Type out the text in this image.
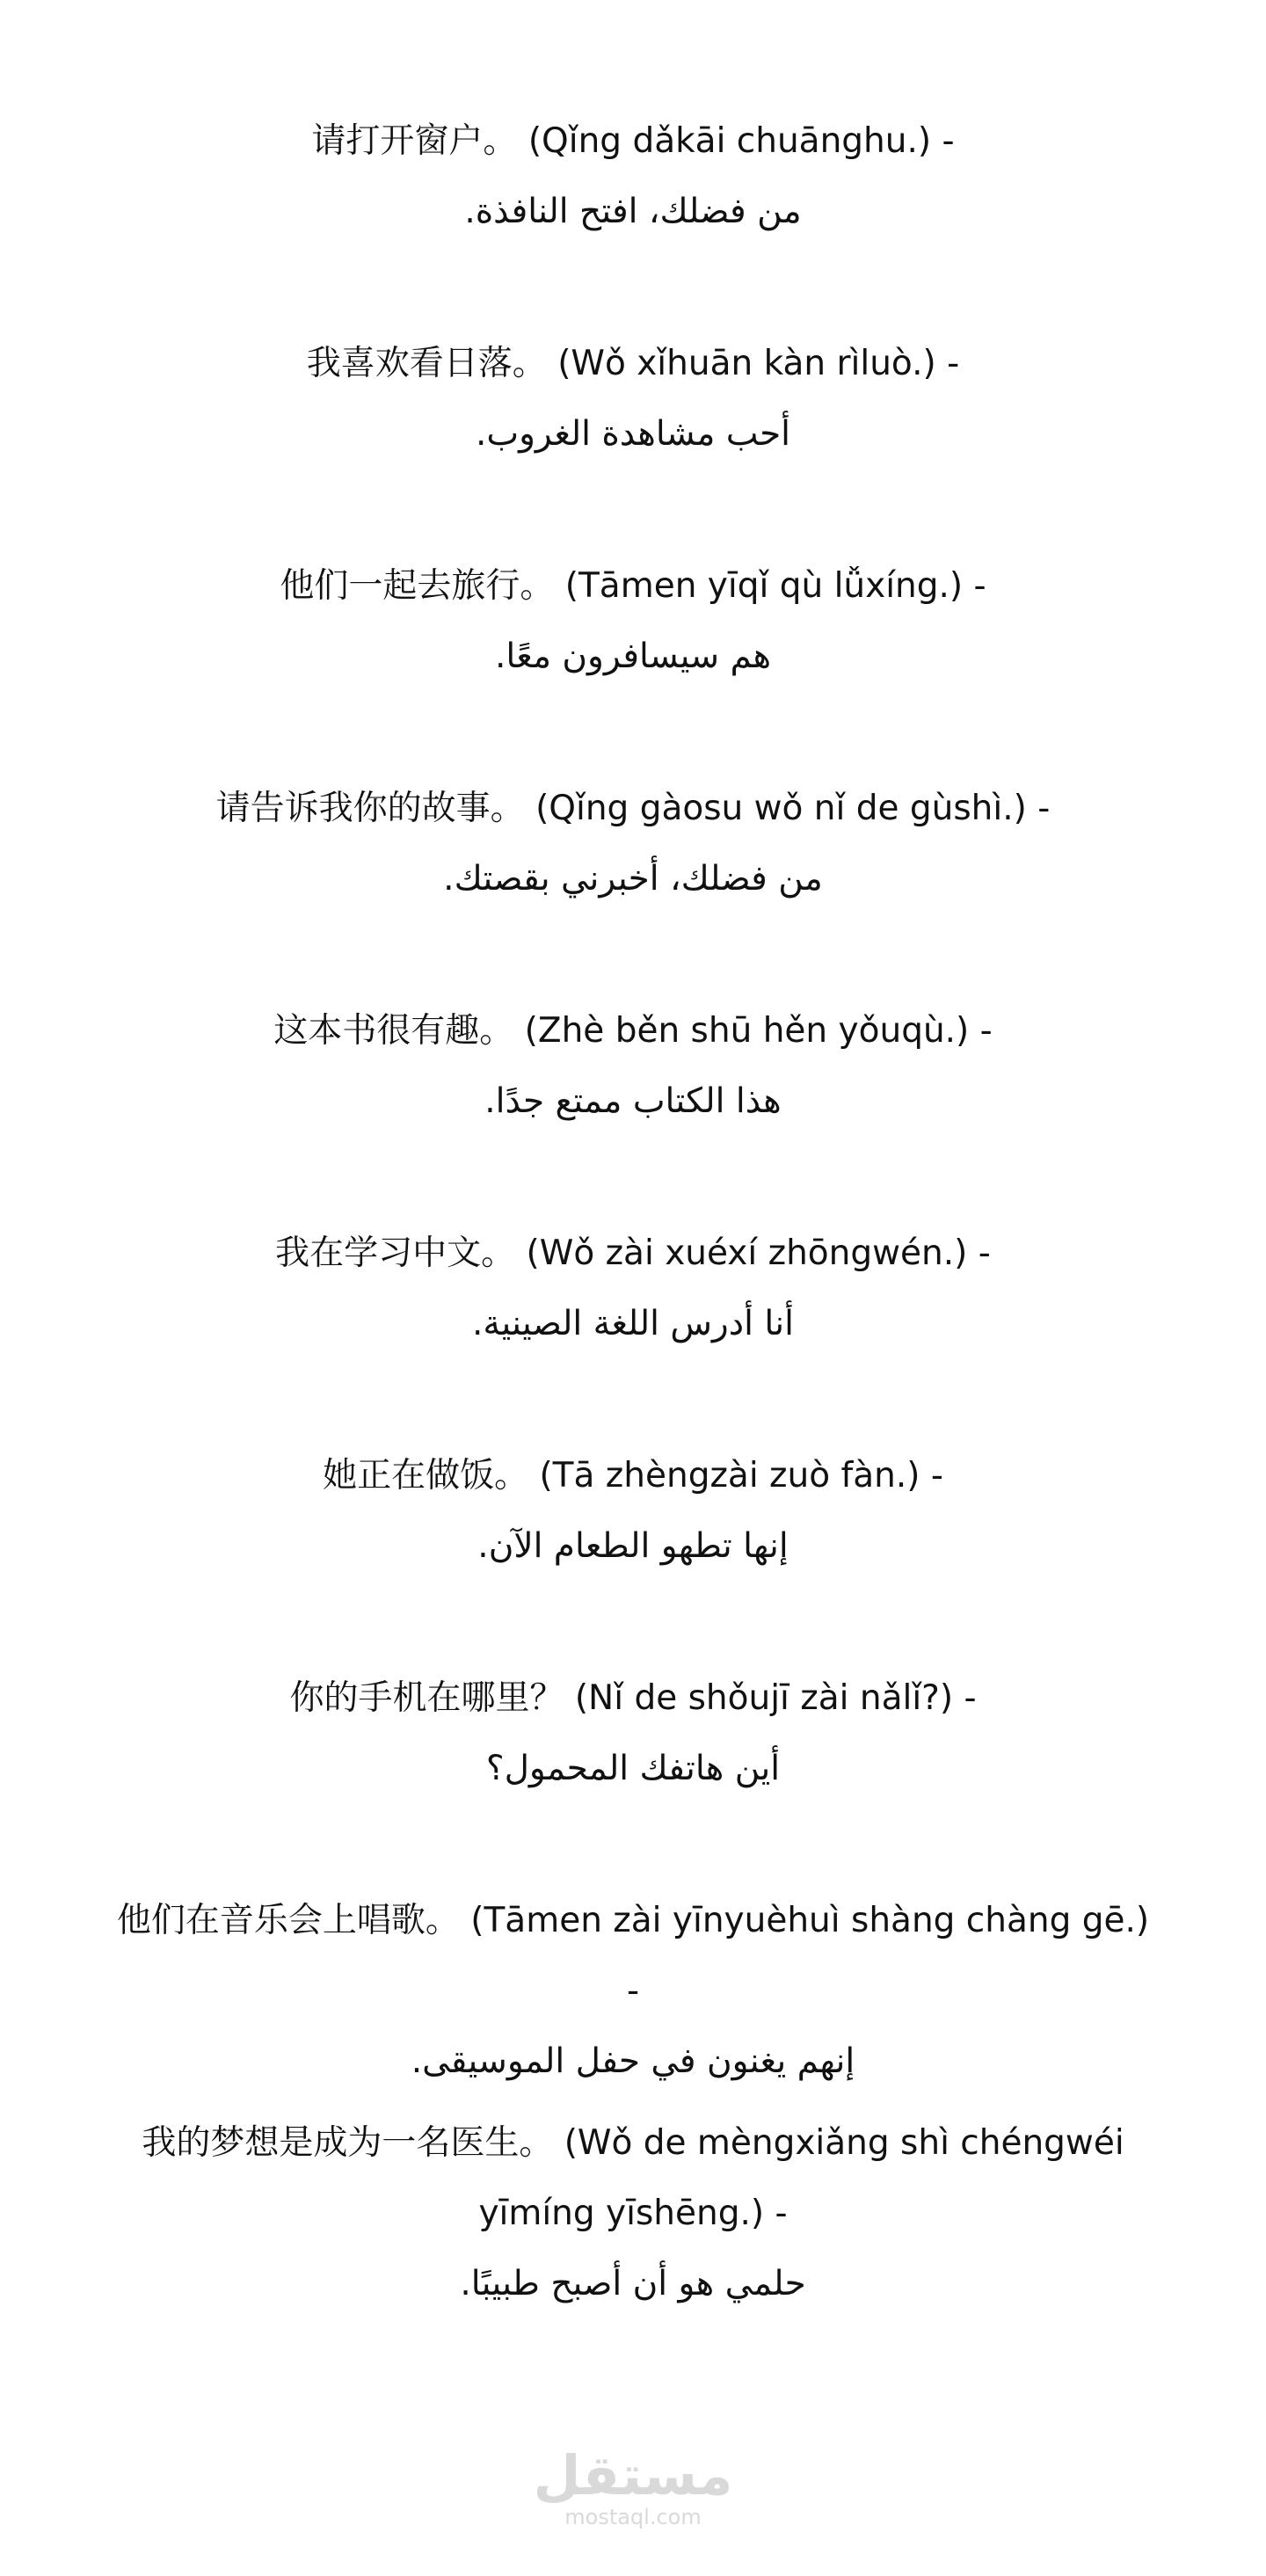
请打开窗户。 (Qǐng dǎkāi chuānghu.) -
من فضلك، افتح النافذة.
我喜欢看日落。 (Wǒ xǐhuān kàn rìluò.) -
أحب مشاهدة الغروب.
他们一起去旅行。 (Tāmen yīqǐ qù lǚxíng.) -
هم سيسافرون معًا.
请告诉我你的故事。 (Qǐng gàosu wǒ nǐ de gùshì.) -
من فضلك، أخبرني بقصتك.
这本书很有趣。 (Zhè běn shū hěn yǒuqù.) -
هذا الكتاب ممتع جدًا.
我在学习中文。 (Wǒ zài xuéxí zhōngwén.) -
أنا أدرس اللغة الصينية.
她正在做饭。 (Tā zhèngzài zuò fàn.) -
إنها تطهو الطعام الآن.
你的手机在哪里？ (Nǐ de shǒujī zài nǎlǐ?) -
أين هاتفك المحمول؟
他们在音乐会上唱歌。 (Tāmen zài yīnyuèhuì shàng chàng gē.)
-
إنهم يغنون في حفل الموسيقى.
我的梦想是成为一名医生。 (Wǒ de mèngxiǎng shì chéngwéi
yīmíng yīshēng.) -
حلمي هو أن أصبح طبيبًا.
مستقل
mostaql.com
